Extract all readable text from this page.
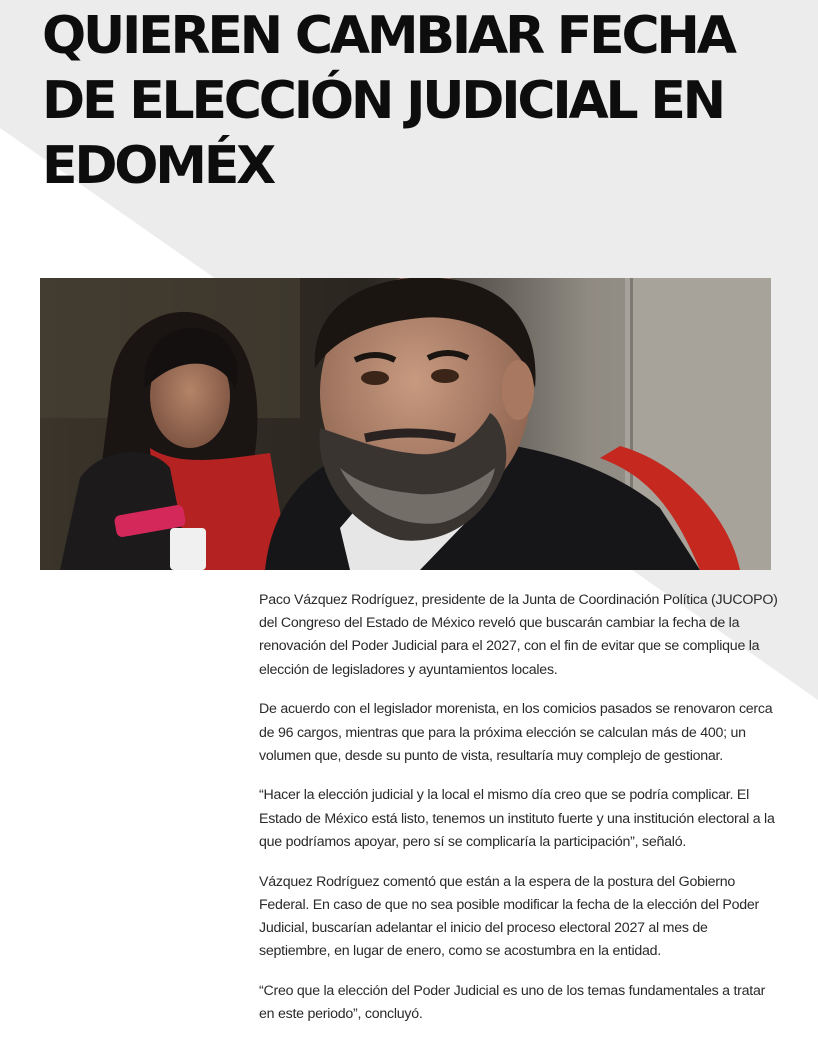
QUIEREN CAMBIAR FECHA DE ELECCIÓN JUDICIAL EN EDOMÉX

Paco Vázquez Rodríguez, presidente de la Junta de Coordinación Política (JUCOPO) del Congreso del Estado de México reveló que buscarán cambiar la fecha de la renovación del Poder Judicial para el 2027, con el fin de evitar que se complique la elección de legisladores y ayuntamientos locales.

De acuerdo con el legislador morenista, en los comicios pasados se renovaron cerca de 96 cargos, mientras que para la próxima elección se calculan más de 400; un volumen que, desde su punto de vista, resultaría muy complejo de gestionar.

“Hacer la elección judicial y la local el mismo día creo que se podría complicar. El Estado de México está listo, tenemos un instituto fuerte y una institución electoral a la que podríamos apoyar, pero sí se complicaría la participación”, señaló.

Vázquez Rodríguez comentó que están a la espera de la postura del Gobierno Federal. En caso de que no sea posible modificar la fecha de la elección del Poder Judicial, buscarían adelantar el inicio del proceso electoral 2027 al mes de septiembre, en lugar de enero, como se acostumbra en la entidad.

“Creo que la elección del Poder Judicial es uno de los temas fundamentales a tratar en este periodo”, concluyó.
